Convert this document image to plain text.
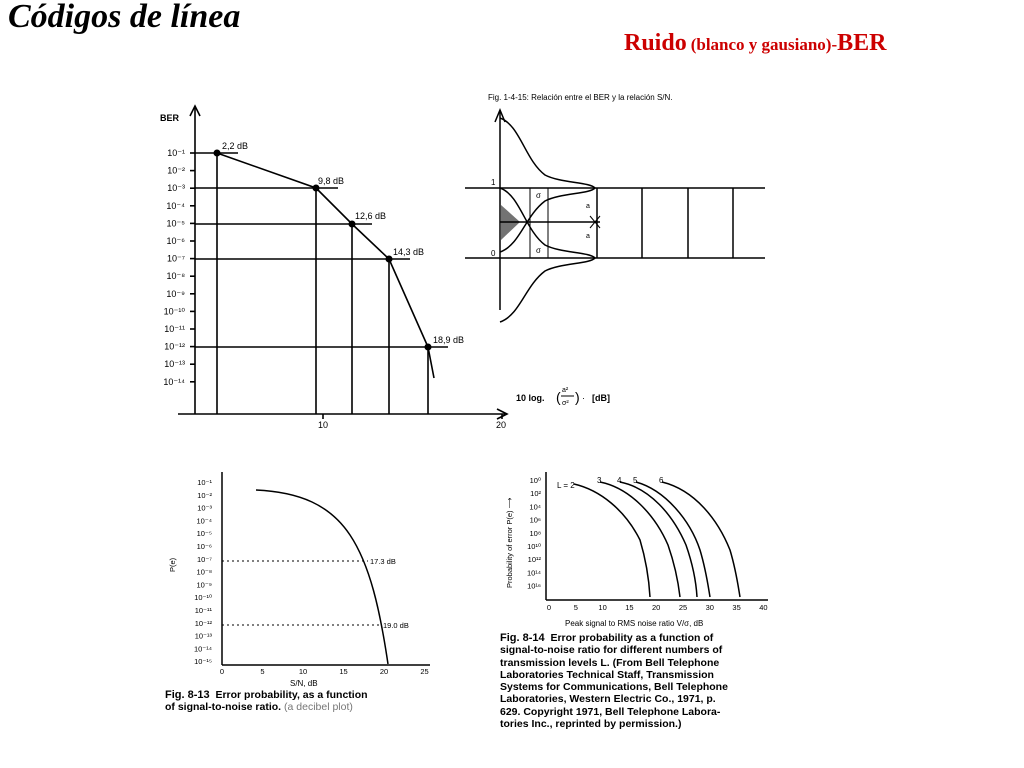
Códigos de línea
Ruido (blanco y gausiano)-BER
BER
10⁻¹
10⁻²
10⁻³
10⁻⁴
10⁻⁵
10⁻⁶
10⁻⁷
10⁻⁸
10⁻⁹
10⁻¹⁰
10⁻¹¹
10⁻¹²
10⁻¹³
10⁻¹⁴
2,2 dB
9,8 dB
12,6 dB
14,3 dB
18,9 dB
10	20
10 log. ( a²
σ² ) · [dB]
Fig. 1-4-15: Relación entre el BER y la relación S/N.
1
0
σ
σ
a
a
10⁻¹
10⁻²
10⁻³
10⁻⁴
10⁻⁵
10⁻⁶
10⁻⁷
10⁻⁸
10⁻⁹
10⁻¹⁰
10⁻¹¹
10⁻¹²
10⁻¹³
10⁻¹⁴
10⁻¹⁵
0	5	10	15	20	25
P(e)
S/N, dB
17.3 dB
19.0 dB
Fig. 8-13 Error probability, as a function
of signal-to-noise ratio. (a decibel plot)
10⁰
10²
10⁴
10⁶
10⁸
10¹⁰
10¹²
10¹⁴
10¹⁶
0	5	10 15 20 25 30 35 40
L = 2
3 4 5	6
Probability of error P(e) ⟶
Peak signal to RMS noise ratio V/σ, dB
Fig. 8-14 Error probability as a function of
signal-to-noise ratio for different numbers of
transmission levels L. (From Bell Telephone
Laboratories Technical Staff, Transmission
Systems for Communications, Bell Telephone
Laboratories, Western Electric Co., 1971, p.
629. Copyright 1971, Bell Telephone Labora-
tories Inc., reprinted by permission.)
